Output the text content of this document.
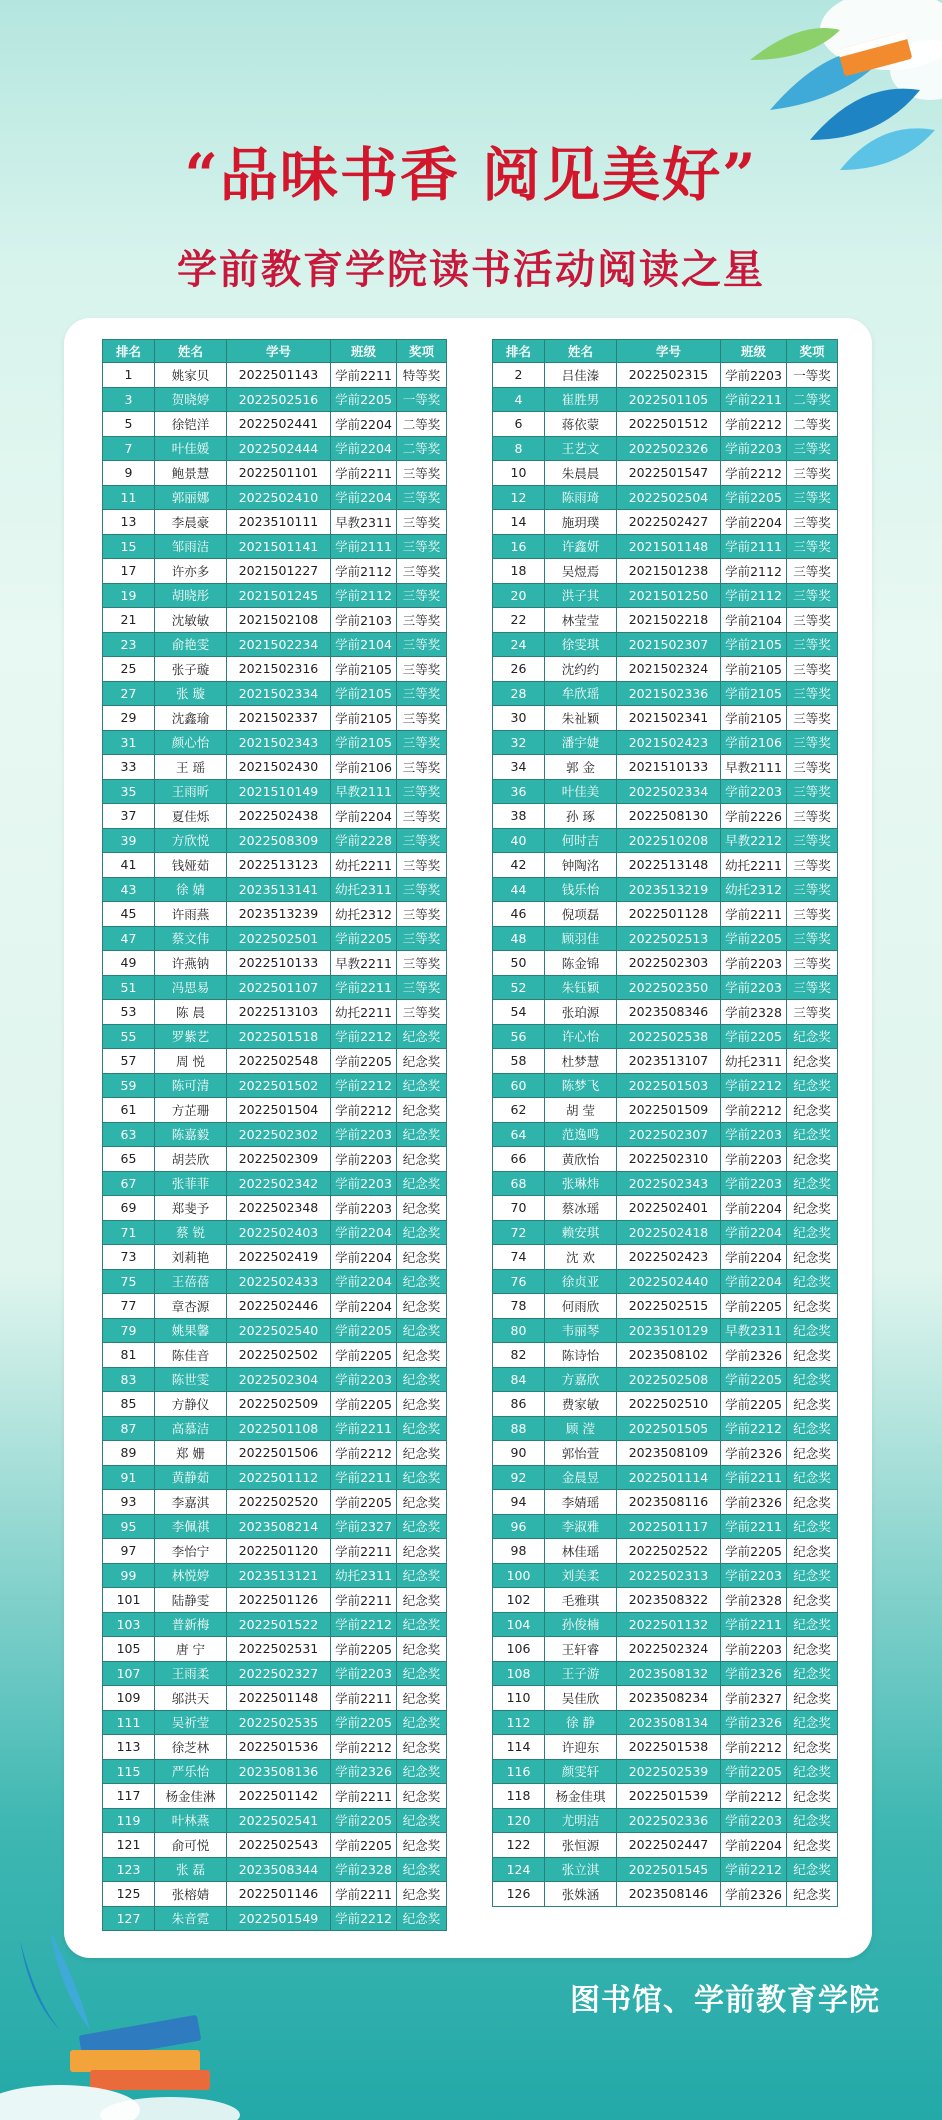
“品味书香 阅见美好”
学前教育学院读书活动阅读之星
排名	姓名	学号	班级	奖项
1	姚家贝	2022501143	学前2211	特等奖
3	贺晓婷	2022502516	学前2205	一等奖
5	徐铠洋	2022502441	学前2204	二等奖
7	叶佳媛	2022502444	学前2204	二等奖
9	鲍景慧	2022501101	学前2211	三等奖
11	郭丽娜	2022502410	学前2204	三等奖
13	李晨豪	2023510111	早教2311	三等奖
15	邹雨洁	2021501141	学前2111	三等奖
17	许亦多	2021501227	学前2112	三等奖
19	胡晓彤	2021501245	学前2112	三等奖
21	沈敏敏	2021502108	学前2103	三等奖
23	俞艳雯	2021502234	学前2104	三等奖
25	张子璇	2021502316	学前2105	三等奖
27	张 璇	2021502334	学前2105	三等奖
29	沈鑫瑜	2021502337	学前2105	三等奖
31	颜心怡	2021502343	学前2105	三等奖
33	王 瑶	2021502430	学前2106	三等奖
35	王雨昕	2021510149	早教2111	三等奖
37	夏佳烁	2022502438	学前2204	三等奖
39	方欣悦	2022508309	学前2228	三等奖
41	钱娅茹	2022513123	幼托2211	三等奖
43	徐 婧	2023513141	幼托2311	三等奖
45	许雨燕	2023513239	幼托2312	三等奖
47	蔡文伟	2022502501	学前2205	三等奖
49	许燕钠	2022510133	早教2211	三等奖
51	冯思易	2022501107	学前2211	三等奖
53	陈 晨	2022513103	幼托2211	三等奖
55	罗紫艺	2022501518	学前2212	纪念奖
57	周 悦	2022502548	学前2205	纪念奖
59	陈可清	2022501502	学前2212	纪念奖
61	方芷珊	2022501504	学前2212	纪念奖
63	陈嘉毅	2022502302	学前2203	纪念奖
65	胡芸欣	2022502309	学前2203	纪念奖
67	张菲菲	2022502342	学前2203	纪念奖
69	郑斐予	2022502348	学前2203	纪念奖
71	蔡 锐	2022502403	学前2204	纪念奖
73	刘莉艳	2022502419	学前2204	纪念奖
75	王蓓蓓	2022502433	学前2204	纪念奖
77	章杏源	2022502446	学前2204	纪念奖
79	姚果馨	2022502540	学前2205	纪念奖
81	陈佳音	2022502502	学前2205	纪念奖
83	陈世雯	2022502304	学前2203	纪念奖
85	方静仪	2022502509	学前2205	纪念奖
87	高慕洁	2022501108	学前2211	纪念奖
89	郑 姗	2022501506	学前2212	纪念奖
91	黄静茹	2022501112	学前2211	纪念奖
93	李嘉淇	2022502520	学前2205	纪念奖
95	李佩祺	2023508214	学前2327	纪念奖
97	李怡宁	2022501120	学前2211	纪念奖
99	林悦婷	2023513121	幼托2311	纪念奖
101	陆静雯	2022501126	学前2211	纪念奖
103	普新梅	2022501522	学前2212	纪念奖
105	唐 宁	2022502531	学前2205	纪念奖
107	王雨柔	2022502327	学前2203	纪念奖
109	邬洪天	2022501148	学前2211	纪念奖
111	吴祈莹	2022502535	学前2205	纪念奖
113	徐芝林	2022501536	学前2212	纪念奖
115	严乐怡	2023508136	学前2326	纪念奖
117	杨金佳淋	2022501142	学前2211	纪念奖
119	叶林燕	2022502541	学前2205	纪念奖
121	俞可悦	2022502543	学前2205	纪念奖
123	张 磊	2023508344	学前2328	纪念奖
125	张榕婧	2022501146	学前2211	纪念奖
127	朱音霓	2022501549	学前2212	纪念奖
排名	姓名	学号	班级	奖项
2	吕佳溱	2022502315	学前2203	一等奖
4	崔胜男	2022501105	学前2211	二等奖
6	蒋依蒙	2022501512	学前2212	二等奖
8	王艺文	2022502326	学前2203	三等奖
10	朱晨晨	2022501547	学前2212	三等奖
12	陈雨琦	2022502504	学前2205	三等奖
14	施玥璞	2022502427	学前2204	三等奖
16	许鑫妍	2021501148	学前2111	三等奖
18	吴煜焉	2021501238	学前2112	三等奖
20	洪子其	2021501250	学前2112	三等奖
22	林莹莹	2021502218	学前2104	三等奖
24	徐雯琪	2021502307	学前2105	三等奖
26	沈约约	2021502324	学前2105	三等奖
28	牟欣瑶	2021502336	学前2105	三等奖
30	朱祉颖	2021502341	学前2105	三等奖
32	潘宇婕	2021502423	学前2106	三等奖
34	郭 金	2021510133	早教2111	三等奖
36	叶佳美	2022502334	学前2203	三等奖
38	孙 琢	2022508130	学前2226	三等奖
40	何时吉	2022510208	早教2212	三等奖
42	钟陶洺	2022513148	幼托2211	三等奖
44	钱乐怡	2023513219	幼托2312	三等奖
46	倪项磊	2022501128	学前2211	三等奖
48	顾羽佳	2022502513	学前2205	三等奖
50	陈金锦	2022502303	学前2203	三等奖
52	朱钰颖	2022502350	学前2203	三等奖
54	张珀源	2023508346	学前2328	三等奖
56	许心怡	2022502538	学前2205	纪念奖
58	杜梦慧	2023513107	幼托2311	纪念奖
60	陈梦飞	2022501503	学前2212	纪念奖
62	胡 莹	2022501509	学前2212	纪念奖
64	范逸鸣	2022502307	学前2203	纪念奖
66	黄欣怡	2022502310	学前2203	纪念奖
68	张琳炜	2022502343	学前2203	纪念奖
70	蔡冰瑶	2022502401	学前2204	纪念奖
72	赖安琪	2022502418	学前2204	纪念奖
74	沈 欢	2022502423	学前2204	纪念奖
76	徐贞亚	2022502440	学前2204	纪念奖
78	何雨欣	2022502515	学前2205	纪念奖
80	韦丽琴	2023510129	早教2311	纪念奖
82	陈诗怡	2023508102	学前2326	纪念奖
84	方嘉欣	2022502508	学前2205	纪念奖
86	费家敏	2022502510	学前2205	纪念奖
88	顾 滢	2022501505	学前2212	纪念奖
90	郭怡萱	2023508109	学前2326	纪念奖
92	金晨昱	2022501114	学前2211	纪念奖
94	李婧瑶	2023508116	学前2326	纪念奖
96	李淑雅	2022501117	学前2211	纪念奖
98	林佳瑶	2022502522	学前2205	纪念奖
100	刘美柔	2022502313	学前2203	纪念奖
102	毛雅琪	2023508322	学前2328	纪念奖
104	孙俊楠	2022501132	学前2211	纪念奖
106	王轩睿	2022502324	学前2203	纪念奖
108	王子游	2023508132	学前2326	纪念奖
110	吴佳欣	2023508234	学前2327	纪念奖
112	徐 静	2023508134	学前2326	纪念奖
114	许迎东	2022501538	学前2212	纪念奖
116	颜雯轩	2022502539	学前2205	纪念奖
118	杨金佳琪	2022501539	学前2212	纪念奖
120	尤明洁	2022502336	学前2203	纪念奖
122	张恒源	2022502447	学前2204	纪念奖
124	张立淇	2022501545	学前2212	纪念奖
126	张姝涵	2023508146	学前2326	纪念奖
图书馆、学前教育学院
